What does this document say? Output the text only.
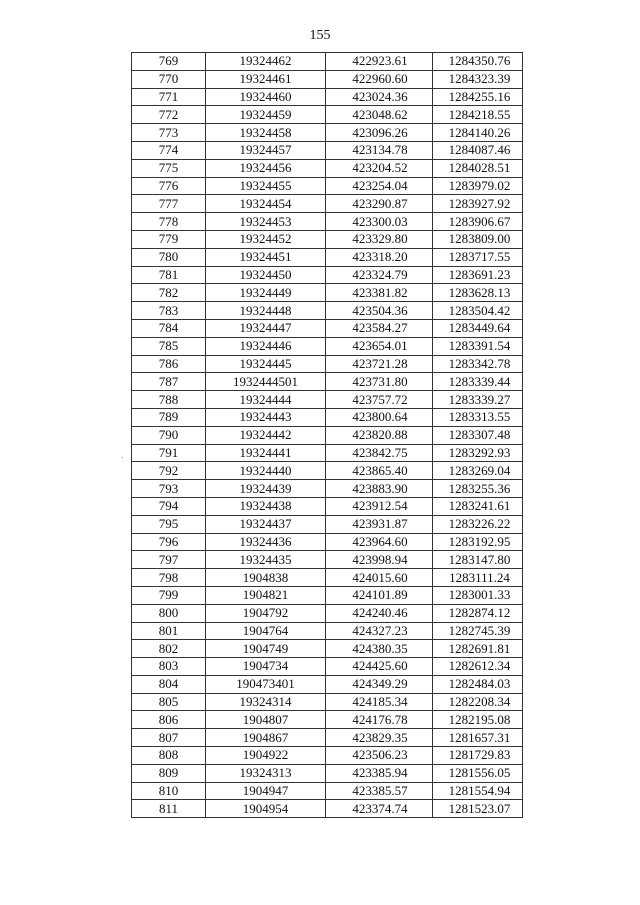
155
769	19324462	422923.61	1284350.76
770	19324461	422960.60	1284323.39
771	19324460	423024.36	1284255.16
772	19324459	423048.62	1284218.55
773	19324458	423096.26	1284140.26
774	19324457	423134.78	1284087.46
775	19324456	423204.52	1284028.51
776	19324455	423254.04	1283979.02
777	19324454	423290.87	1283927.92
778	19324453	423300.03	1283906.67
779	19324452	423329.80	1283809.00
780	19324451	423318.20	1283717.55
781	19324450	423324.79	1283691.23
782	19324449	423381.82	1283628.13
783	19324448	423504.36	1283504.42
784	19324447	423584.27	1283449.64
785	19324446	423654.01	1283391.54
786	19324445	423721.28	1283342.78
787	1932444501	423731.80	1283339.44
788	19324444	423757.72	1283339.27
789	19324443	423800.64	1283313.55
790	19324442	423820.88	1283307.48
791	19324441	423842.75	1283292.93
792	19324440	423865.40	1283269.04
793	19324439	423883.90	1283255.36
794	19324438	423912.54	1283241.61
795	19324437	423931.87	1283226.22
796	19324436	423964.60	1283192.95
797	19324435	423998.94	1283147.80
798	1904838	424015.60	1283111.24
799	1904821	424101.89	1283001.33
800	1904792	424240.46	1282874.12
801	1904764	424327.23	1282745.39
802	1904749	424380.35	1282691.81
803	1904734	424425.60	1282612.34
804	190473401	424349.29	1282484.03
805	19324314	424185.34	1282208.34
806	1904807	424176.78	1282195.08
807	1904867	423829.35	1281657.31
808	1904922	423506.23	1281729.83
809	19324313	423385.94	1281556.05
810	1904947	423385.57	1281554.94
811	1904954	423374.74	1281523.07
